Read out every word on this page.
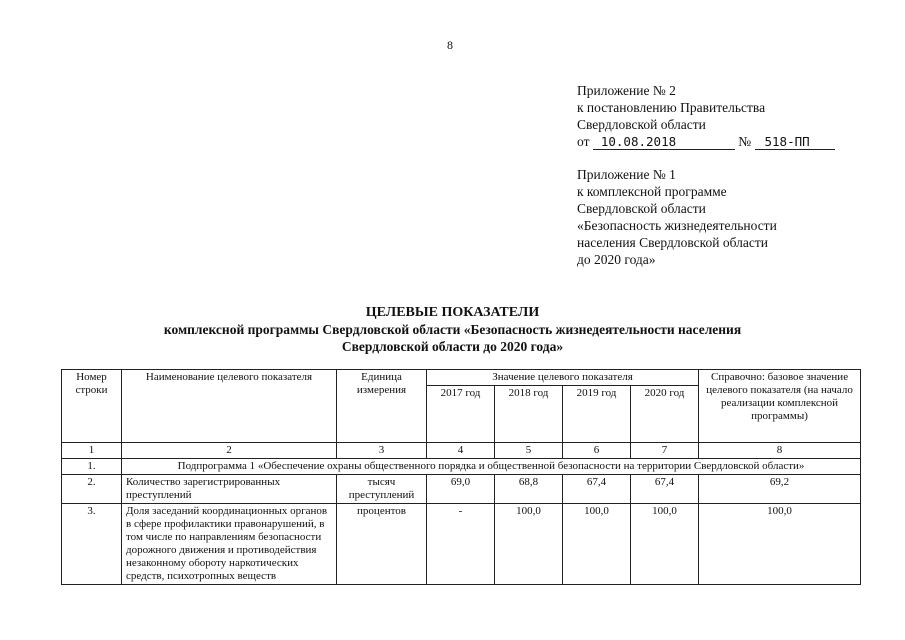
8
Приложение № 2
к постановлению Правительства
Свердловской области
от 10.08.2018	№ 518-ПП
Приложение № 1
к комплексной программе
Свердловской области
«Безопасность жизнедеятельности
населения Свердловской области
до 2020 года»
ЦЕЛЕВЫЕ ПОКАЗАТЕЛИ
комплексной программы Свердловской области «Безопасность жизнедеятельности населения
Свердловской области до 2020 года»
Номер строки	Наименование целевого показателя	Единица измерения	Значение целевого показателя				Справочно: базовое значение целевого показателя (на начало реализации комплексной программы)
			2017 год	2018 год	2019 год	2020 год	
1	2	3	4	5	6	7	8
1.	Подпрограмма 1 «Обеспечение охраны общественного порядка и общественной безопасности на территории Свердловской области»						
2.	Количество зарегистрированных преступлений	тысяч преступлений	69,0	68,8	67,4	67,4	69,2
3.	Доля заседаний координационных органов в сфере профилактики правонарушений, в том числе по направлениям безопасности дорожного движения и противодействия незаконному обороту наркотических средств, психотропных веществ	процентов	-	100,0	100,0	100,0	100,0
